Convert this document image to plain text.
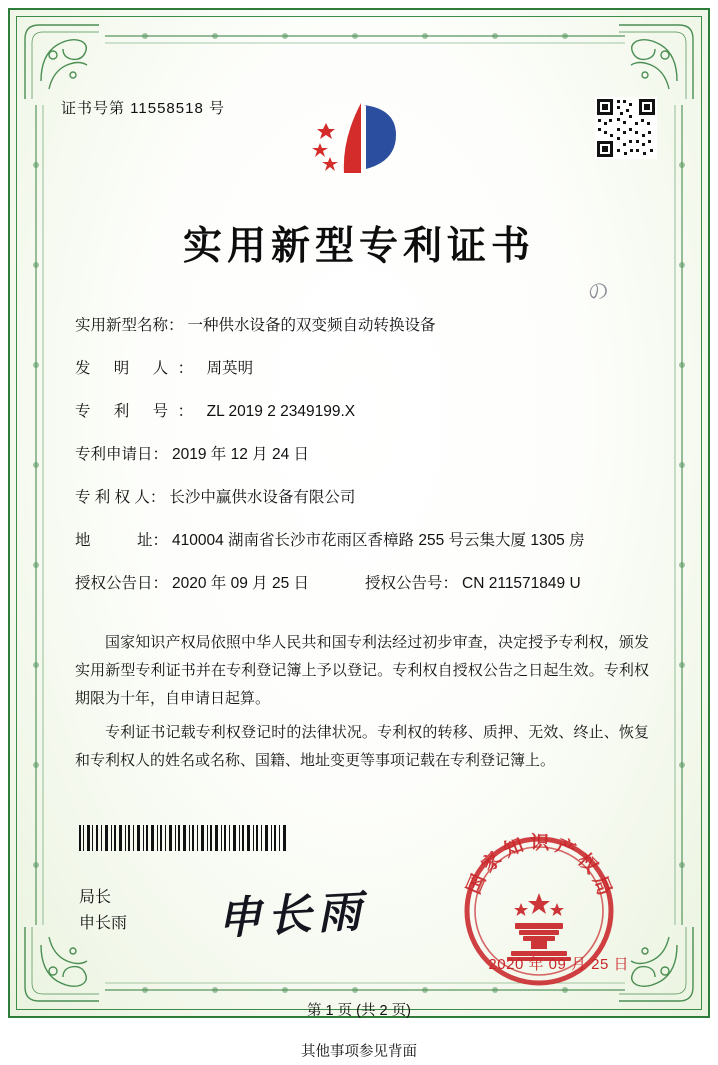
证书号第 11558518 号
实用新型专利证书
の
实用新型名称： 一种供水设备的双变频自动转换设备
发 明 人： 周英明
专 利 号： ZL 2019 2 2349199.X
专利申请日： 2019 年 12 月 24 日
专 利 权 人： 长沙中赢供水设备有限公司
地　　　址： 410004 湖南省长沙市花雨区香樟路 255 号云集大厦 1305 房
授权公告日： 2020 年 09 月 25 日	授权公告号： CN 211571849 U

国家知识产权局依照中华人民共和国专利法经过初步审查，决定授予专利权，颁发实用新型专利证书并在专利登记簿上予以登记。专利权自授权公告之日起生效。专利权期限为十年，自申请日起算。

专利证书记载专利权登记时的法律状况。专利权的转移、质押、无效、终止、恢复和专利权人的姓名或名称、国籍、地址变更等事项记载在专利登记簿上。

局长
申长雨 申长雨
国 家 知 识 产 权 局
2020 年 09 月 25 日
第 1 页 (共 2 页)
其他事项参见背面
